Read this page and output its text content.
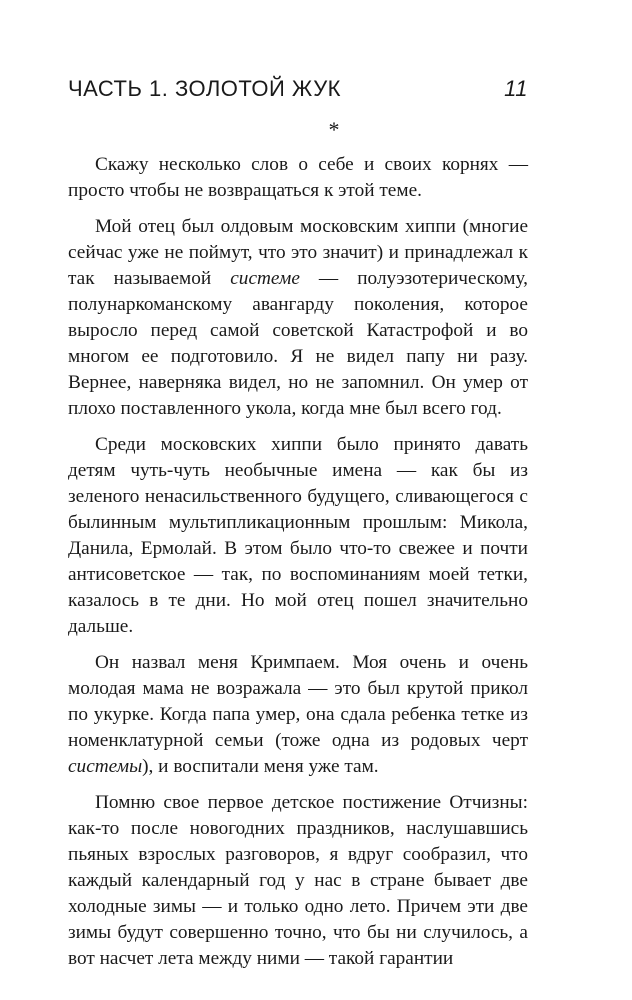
ЧАСТЬ 1. ЗОЛОТОЙ ЖУК	11
*

Скажу несколько слов о себе и своих корнях — просто чтобы не возвращаться к этой теме.

Мой отец был олдовым московским хиппи (многие сейчас уже не поймут, что это значит) и принадлежал к так называемой системе — полуэзотерическому, полунаркоманскому авангарду поколения, которое выросло перед самой советской Катастрофой и во многом ее подготовило. Я не видел папу ни разу. Вернее, наверняка видел, но не запомнил. Он умер от плохо поставленного укола, когда мне был всего год.

Среди московских хиппи было принято давать детям чуть-чуть необычные имена — как бы из зеленого ненасильственного будущего, сливающегося с былинным мультипликационным прошлым: Микола, Данила, Ермолай. В этом было что-то свежее и почти антисоветское — так, по воспоминаниям моей тетки, казалось в те дни. Но мой отец пошел значительно дальше.

Он назвал меня Кримпаем. Моя очень и очень молодая мама не возражала — это был крутой прикол по укурке. Когда папа умер, она сдала ребенка тетке из номенклатурной семьи (тоже одна из родовых черт системы), и воспитали меня уже там.

Помню свое первое детское постижение Отчизны: как-то после новогодних праздников, наслушавшись пьяных взрослых разговоров, я вдруг сообразил, что каждый календарный год у нас в стране бывает две холодные зимы — и только одно лето. Причем эти две зимы будут совершенно точно, что бы ни случилось, а вот насчет лета между ними — такой гарантии
